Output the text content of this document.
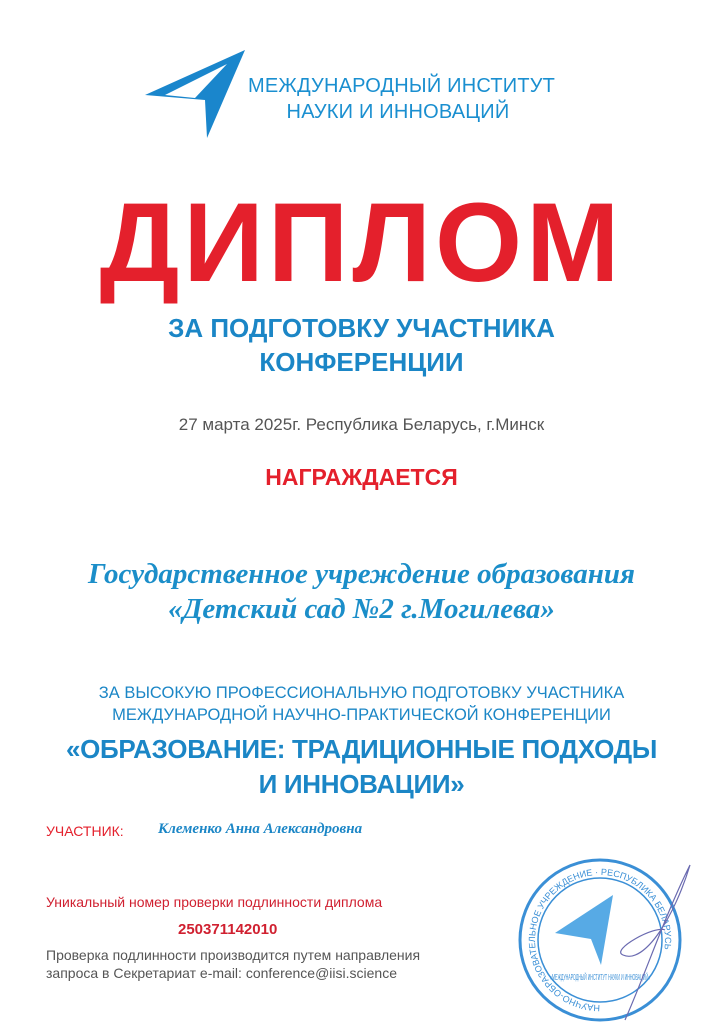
МЕЖДУНАРОДНЫЙ ИНСТИТУТ
НАУКИ И ИННОВАЦИЙ
ДИПЛОМ
ЗА ПОДГОТОВКУ УЧАСТНИКА
КОНФЕРЕНЦИИ
27 марта 2025г. Республика Беларусь, г.Минск
НАГРАЖДАЕТСЯ
Государственное учреждение образования
«Детский сад №2 г.Могилева»
ЗА ВЫСОКУЮ ПРОФЕССИОНАЛЬНУЮ ПОДГОТОВКУ УЧАСТНИКА
МЕЖДУНАРОДНОЙ НАУЧНО-ПРАКТИЧЕСКОЙ КОНФЕРЕНЦИИ
«ОБРАЗОВАНИЕ: ТРАДИЦИОННЫЕ ПОДХОДЫ
И ИННОВАЦИИ»
УЧАСТНИК: Клеменко Анна Александровна
Уникальный номер проверки подлинности диплома
250371142010
Проверка подлинности производится путем направления
запроса в Секретариат e-mail: conference@iisi.science
НАУЧНО-ОБРАЗОВАТЕЛЬНОЕ УЧРЕЖДЕНИЕ · РЕСПУБЛИКА БЕЛАРУСЬ
«МЕЖДУНАРОДНЫЙ ИНСТИТУТ НАУКИ И ИННОВАЦИЙ»
